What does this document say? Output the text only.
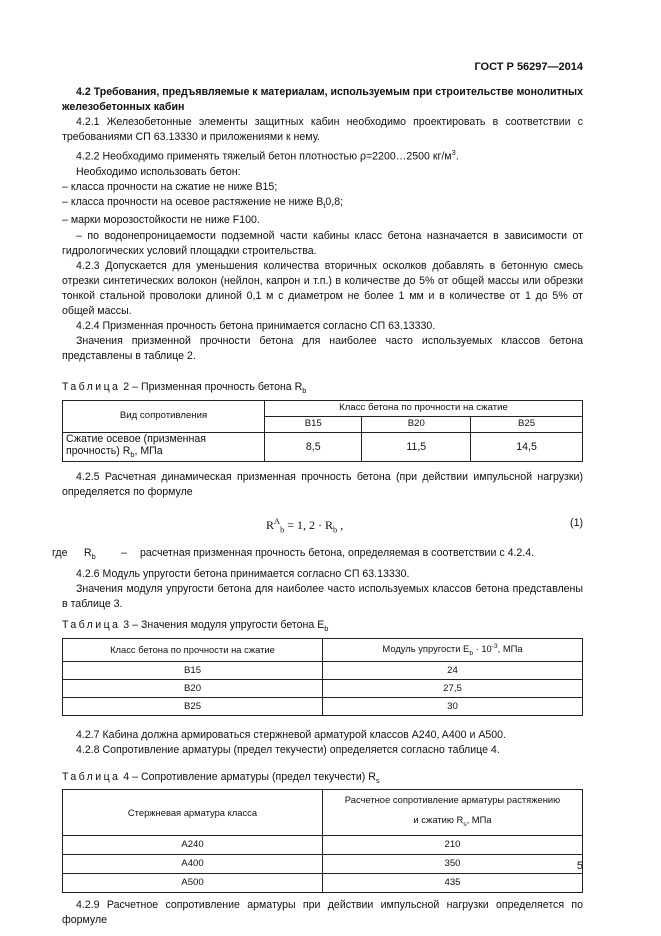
ГОСТ Р 56297—2014

4.2 Требования, предъявляемые к материалам, используемым при строительстве монолитных железобетонных кабин

4.2.1 Железобетонные элементы защитных кабин необходимо проектировать в соответствии с требованиями СП 63.13330 и приложениями к нему.

4.2.2 Необходимо применять тяжелый бетон плотностью ρ=2200…2500 $кг/м^3$.

Необходимо использовать бетон:

– класса прочности на сжатие не ниже B15;

– класса прочности на осевое растяжение не ниже $B_t0,8$;

– марки морозостойкости не ниже F100.

– по водонепроницаемости подземной части кабины класс бетона назначается в зависимости от гидрологических условий площадки строительства.

4.2.3 Допускается для уменьшения количества вторичных осколков добавлять в бетонную смесь отрезки синтетических волокон (нейлон, капрон и т.п.) в количестве до 5% от общей массы или обрезки тонкой стальной проволоки длиной 0,1 м с диаметром не более 1 мм и в количестве от 1 до 5% от общей массы.

4.2.4 Призменная прочность бетона принимается согласно СП 63.13330.

Значения призменной прочности бетона для наиболее часто используемых классов бетона представлены в таблице 2.

Таблица 2 – Призменная прочность бетона $R_b$
Вид сопротивления	Класс бетона по прочности на сжатие		
	B15	B20	B25
Сжатие осевое (призменная прочность) $R_b$, МПа	8,5	11,5	14,5

4.2.5 Расчетная динамическая призменная прочность бетона (при действии импульсной нагрузки) определяется по формуле

$R^A_b = 1$, $2 \cdot R_b$ ,	(1)
где	$R_b$	–	расчетная призменная прочность бетона, определяемая в соответствии с 4.2.4.

4.2.6 Модуль упругости бетона принимается согласно СП 63.13330.

Значения модуля упругости бетона для наиболее часто используемых классов бетона представлены в таблице 3.

Таблица 3 – Значения модуля упругости бетона $E_b$
Класс бетона по прочности на сжатие	Модуль упругости $E_b \cdot 10^{-3}$, МПа
B15	24
B20	27,5
B25	30

4.2.7 Кабина должна армироваться стержневой арматурой классов A240, A400 и A500.

4.2.8 Сопротивление арматуры (предел текучести) определяется согласно таблице 4.

Таблица 4 – Сопротивление арматуры (предел текучести) $R_s$
Стержневая арматура класса	Расчетное сопротивление арматуры растяжению
и сжатию $R_s$, МПа
A240	210
A400	350
A500	435

4.2.9 Расчетное сопротивление арматуры при действии импульсной нагрузки определяется по формуле

5
